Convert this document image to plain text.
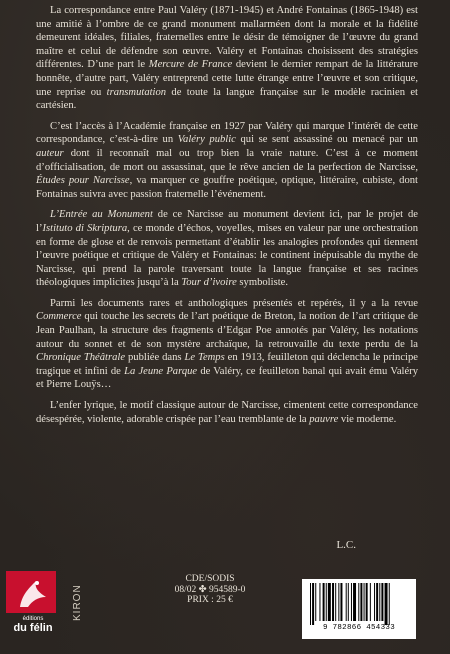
La correspondance entre Paul Valéry (1871-1945) et André Fontainas (1865-1948) est une amitié à l’ombre de ce grand monument mallarméen dont la morale et la fidélité demeurent idéales, filiales, fraternelles entre le désir de témoigner de l’œuvre du grand maître et celui de défendre son œuvre. Valéry et Fontainas choisissent des stratégies différentes. D’une part le Mercure de France devient le dernier rempart de la littérature honnête, d’autre part, Valéry entreprend cette lutte étrange entre l’œuvre et son critique, une reprise ou transmutation de toute la langue française sur le modèle racinien et cartésien.

C’est l’accès à l’Académie française en 1927 par Valéry qui marque l’intérêt de cette correspondance, c’est-à-dire un Valéry public qui se sent assassiné ou menacé par un auteur dont il reconnaît mal ou trop bien la vraie nature. C’est à ce moment d’officialisation, de mort ou assassinat, que le rêve ancien de la perfection de Narcisse, Études pour Narcisse, va marquer ce gouffre poétique, optique, littéraire, cubiste, dont Fontainas suivra avec passion fraternelle l’événement.

L’Entrée au Monument de ce Narcisse au monument devient ici, par le projet de l’Istituto di Skriptura, ce monde d’échos, voyelles, mises en valeur par une orchestration en forme de glose et de renvois permettant d’établir les analogies profondes qui tiennent l’œuvre poétique et critique de Valéry et Fontainas: le continent inépuisable du mythe de Narcisse, qui prend la parole traversant toute la langue française et ses racines théologiques implicites jusqu’à la Tour d’ivoire symboliste.

Parmi les documents rares et anthologiques présentés et repérés, il y a la revue Commerce qui touche les secrets de l’art poétique de Breton, la notion de l’art critique de Jean Paulhan, la structure des fragments d’Edgar Poe annotés par Valéry, les notations autour du sonnet et de son mystère archaïque, la retrouvaille du texte perdu de la Chronique Théâtrale publiée dans Le Temps en 1913, feuilleton qui déclencha le principe tragique et infini de La Jeune Parque de Valéry, ce feuilleton banal qui avait ému Valéry et Pierre Louÿs…

L’enfer lyrique, le motif classique autour de Narcisse, cimentent cette correspondance désespérée, violente, adorable crispée par l’eau tremblante de la pauvre vie moderne.

L.C.
éditions
du félin
KIRON
CDE/SODIS
08/02 ✤ 954589-0
PRIX : 25 €
9 782866 454333
